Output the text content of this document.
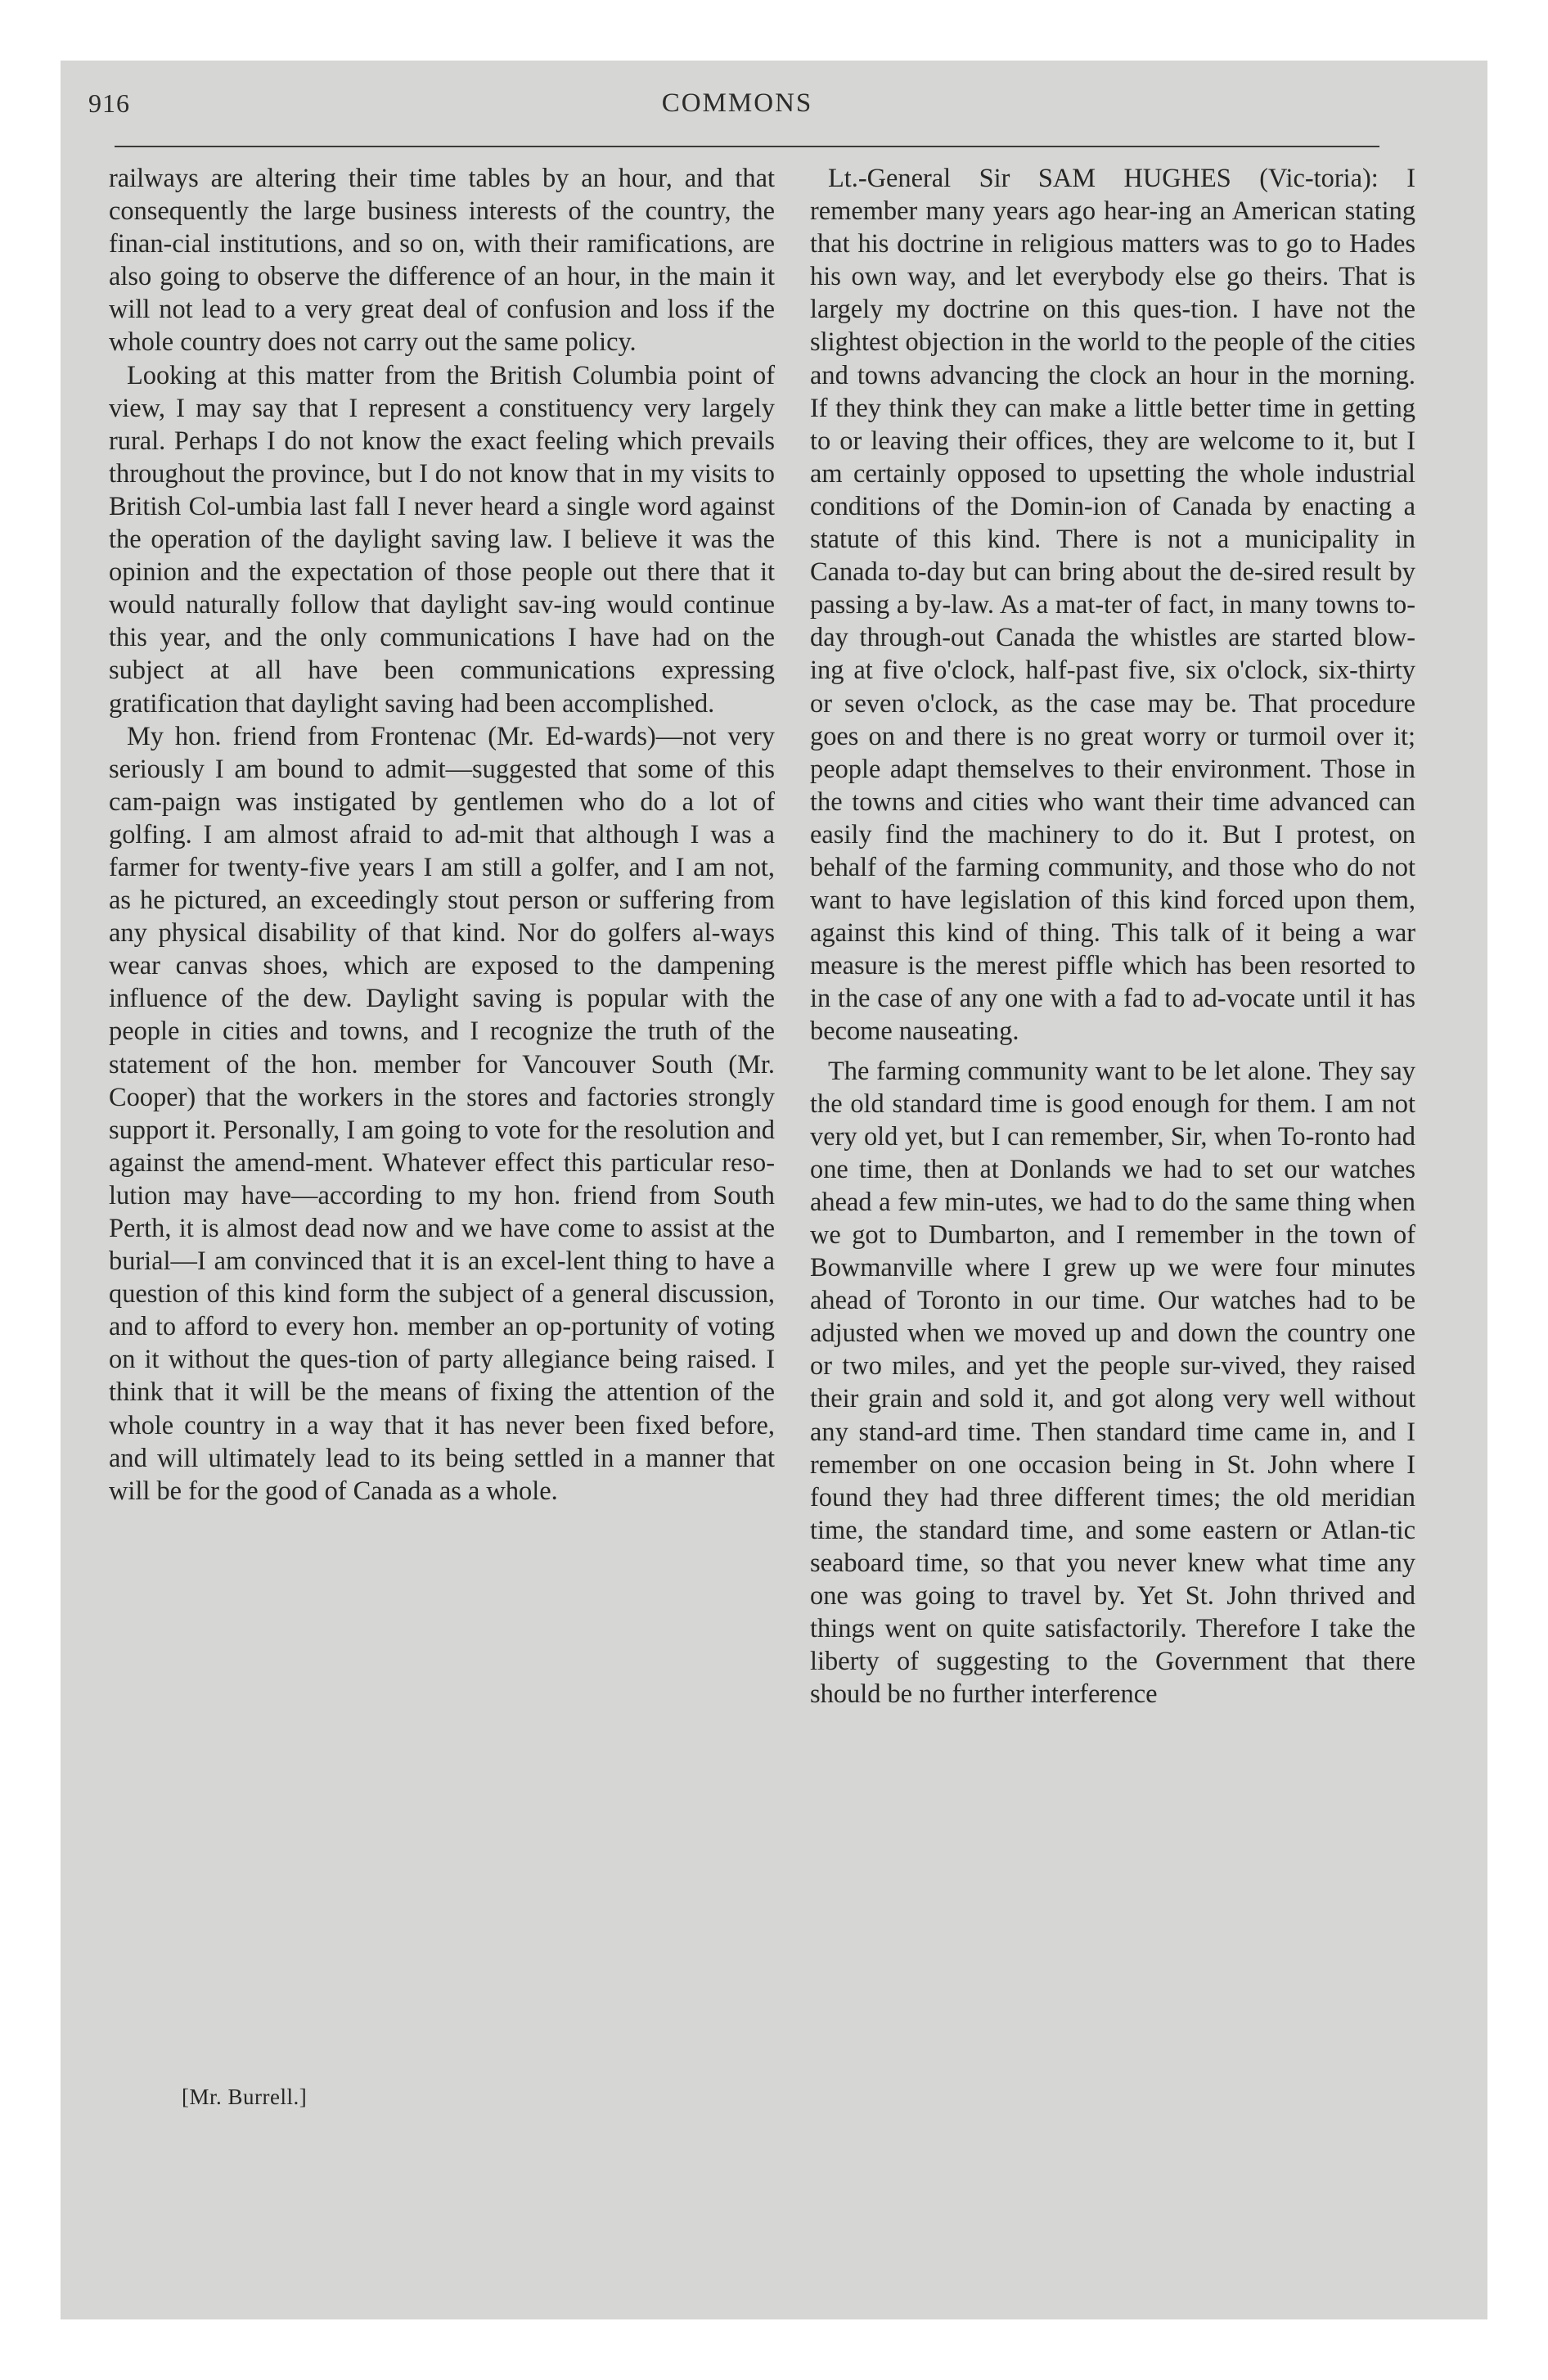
916	COMMONS

railways are altering their time tables by an hour, and that consequently the large business interests of the country, the finan-cial institutions, and so on, with their ramifications, are also going to observe the difference of an hour, in the main it will not lead to a very great deal of confusion and loss if the whole country does not carry out the same policy.

Looking at this matter from the British Columbia point of view, I may say that I represent a constituency very largely rural. Perhaps I do not know the exact feeling which prevails throughout the province, but I do not know that in my visits to British Col-umbia last fall I never heard a single word against the operation of the daylight saving law. I believe it was the opinion and the expectation of those people out there that it would naturally follow that daylight sav-ing would continue this year, and the only communications I have had on the subject at all have been communications expressing gratification that daylight saving had been accomplished.

My hon. friend from Frontenac (Mr. Ed-wards)—not very seriously I am bound to admit—suggested that some of this cam-paign was instigated by gentlemen who do a lot of golfing. I am almost afraid to ad-mit that although I was a farmer for twenty-five years I am still a golfer, and I am not, as he pictured, an exceedingly stout person or suffering from any physical disability of that kind. Nor do golfers al-ways wear canvas shoes, which are exposed to the dampening influence of the dew. Daylight saving is popular with the people in cities and towns, and I recognize the truth of the statement of the hon. member for Vancouver South (Mr. Cooper) that the workers in the stores and factories strongly support it. Personally, I am going to vote for the resolution and against the amend-ment. Whatever effect this particular reso-lution may have—according to my hon. friend from South Perth, it is almost dead now and we have come to assist at the burial—I am convinced that it is an excel-lent thing to have a question of this kind form the subject of a general discussion, and to afford to every hon. member an op-portunity of voting on it without the ques-tion of party allegiance being raised. I think that it will be the means of fixing the attention of the whole country in a way that it has never been fixed before, and will ultimately lead to its being settled in a manner that will be for the good of Canada as a whole.

[Mr. Burrell.]

Lt.-General Sir SAM HUGHES (Vic-toria): I remember many years ago hear-ing an American stating that his doctrine in religious matters was to go to Hades his own way, and let everybody else go theirs. That is largely my doctrine on this ques-tion. I have not the slightest objection in the world to the people of the cities and towns advancing the clock an hour in the morning. If they think they can make a little better time in getting to or leaving their offices, they are welcome to it, but I am certainly opposed to upsetting the whole industrial conditions of the Domin-ion of Canada by enacting a statute of this kind. There is not a municipality in Canada to-day but can bring about the de-sired result by passing a by-law. As a mat-ter of fact, in many towns to-day through-out Canada the whistles are started blow-ing at five o'clock, half-past five, six o'clock, six-thirty or seven o'clock, as the case may be. That procedure goes on and there is no great worry or turmoil over it; people adapt themselves to their environment. Those in the towns and cities who want their time advanced can easily find the machinery to do it. But I protest, on behalf of the farming community, and those who do not want to have legislation of this kind forced upon them, against this kind of thing. This talk of it being a war measure is the merest piffle which has been resorted to in the case of any one with a fad to ad-vocate until it has become nauseating.

The farming community want to be let alone. They say the old standard time is good enough for them. I am not very old yet, but I can remember, Sir, when To-ronto had one time, then at Donlands we had to set our watches ahead a few min-utes, we had to do the same thing when we got to Dumbarton, and I remember in the town of Bowmanville where I grew up we were four minutes ahead of Toronto in our time. Our watches had to be adjusted when we moved up and down the country one or two miles, and yet the people sur-vived, they raised their grain and sold it, and got along very well without any stand-ard time. Then standard time came in, and I remember on one occasion being in St. John where I found they had three different times; the old meridian time, the standard time, and some eastern or Atlan-tic seaboard time, so that you never knew what time any one was going to travel by. Yet St. John thrived and things went on quite satisfactorily. Therefore I take the liberty of suggesting to the Government that there should be no further interference
